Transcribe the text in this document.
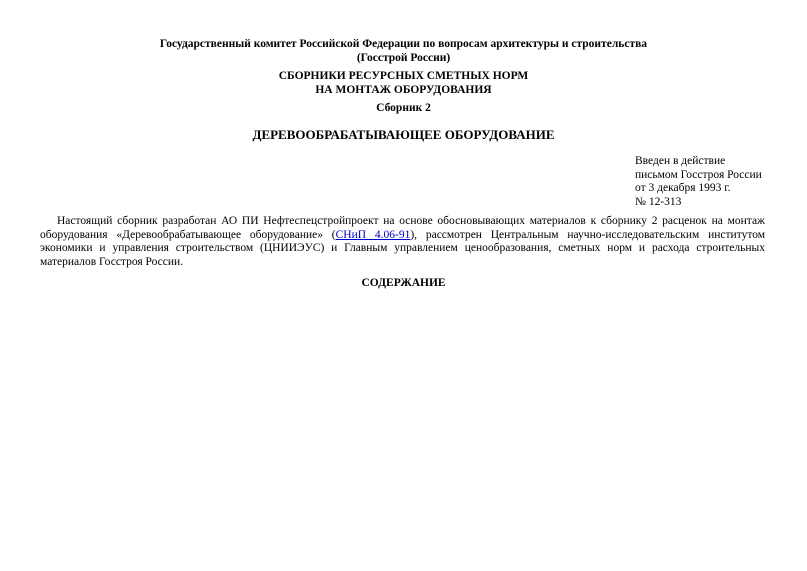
Государственный комитет Российской Федерации по вопросам архитектуры и строительства
(Госстрой России)
СБОРНИКИ РЕСУРСНЫХ СМЕТНЫХ НОРМ
НА МОНТАЖ ОБОРУДОВАНИЯ
Сборник 2
ДЕРЕВООБРАБАТЫВАЮЩЕЕ ОБОРУДОВАНИЕ
Введен в действие
письмом Госстроя России
от 3 декабря 1993 г.
№ 12-313

Настоящий сборник разработан АО ПИ Нефтеспецстройпроект на основе обосновывающих материалов к сборнику 2 расценок на монтаж оборудования «Деревообрабатывающее оборудование» (СНиП 4.06-91), рассмотрен Центральным научно-исследовательским институтом экономики и управления строительством (ЦНИИЭУС) и Главным управлением ценообразования, сметных норм и расхода строительных материалов Госстроя России.

СОДЕРЖАНИЕ
